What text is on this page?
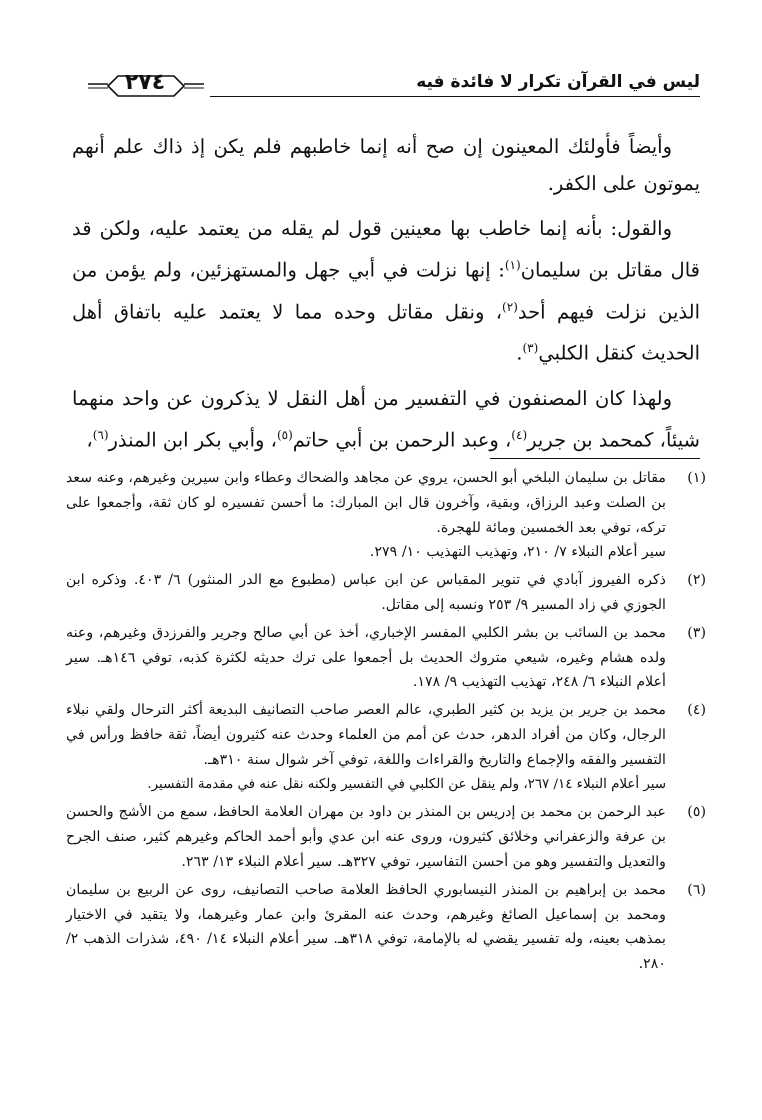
٢٧٤	ليس في القرآن تكرار لا فائدة فيه

وأيضاً فأولئك المعينون إن صح أنه إنما خاطبهم فلم يكن إذ ذاك علم أنهم يموتون على الكفر.

والقول: بأنه إنما خاطب بها معينين قول لم يقله من يعتمد عليه، ولكن قد قال مقاتل بن سليمان$^{(١)}$: إنها نزلت في أبي جهل والمستهزئين، ولم يؤمن من الذين نزلت فيهم أحد$^{(٢)}$، ونقل مقاتل وحده مما لا يعتمد عليه باتفاق أهل الحديث كنقل الكلبي$^{(٣)}$.

ولهذا كان المصنفون في التفسير من أهل النقل لا يذكرون عن واحد منهما شيئاً، كمحمد بن جرير$^{(٤)}$، وعبد الرحمن بن أبي حاتم$^{(٥)}$، وأبي بكر ابن المنذر$^{(٦)}$،

(١)
مقاتل بن سليمان البلخي أبو الحسن، يروي عن مجاهد والضحاك وعطاء وابن سيرين وغيرهم، وعنه سعد بن الصلت وعبد الرزاق، وبقية، وآخرون قال ابن المبارك: ما أحسن تفسيره لو كان ثقة، وأجمعوا على تركه، توفي بعد الخمسين ومائة للهجرة.
سير أعلام النبلاء ٧/ ٢١٠، وتهذيب التهذيب ١٠/ ٢٧٩.
(٢)
ذكره الفيروز آبادي في تنوير المقباس عن ابن عباس (مطبوع مع الدر المنثور) ٦/ ٤٠٣. وذكره ابن الجوزي في زاد المسير ٩/ ٢٥٣ ونسبه إلى مقاتل.
(٣)
محمد بن السائب بن بشر الكلبي المفسر الإخباري، أخذ عن أبي صالح وجرير والفرزدق وغيرهم، وعنه ولده هشام وغيره، شيعي متروك الحديث بل أجمعوا على ترك حديثه لكثرة كذبه، توفي ١٤٦هـ. سير أعلام النبلاء ٦/ ٢٤٨، تهذيب التهذيب ٩/ ١٧٨.
(٤)
محمد بن جرير بن يزيد بن كثير الطبري، عالم العصر صاحب التصانيف البديعة أكثر الترحال ولقي نبلاء الرجال، وكان من أفراد الدهر، حدث عن أمم من العلماء وحدث عنه كثيرون أيضاً، ثقة حافظ ورأس في التفسير والفقه والإجماع والتاريخ والقراءات واللغة، توفي آخر شوال سنة ٣١٠هـ.
سير أعلام النبلاء ١٤/ ٢٦٧، ولم ينقل عن الكلبي في التفسير ولكنه نقل عنه في مقدمة التفسير.
(٥)
عبد الرحمن بن محمد بن إدريس بن المنذر بن داود بن مهران العلامة الحافظ، سمع من الأشج والحسن بن عرفة والزعفراني وخلائق كثيرون، وروى عنه ابن عدي وأبو أحمد الحاكم وغيرهم كثير، صنف الجرح والتعديل والتفسير وهو من أحسن التفاسير، توفي ٣٢٧هـ. سير أعلام النبلاء ١٣/ ٢٦٣.
(٦)
محمد بن إبراهيم بن المنذر النيسابوري الحافظ العلامة صاحب التصانيف، روى عن الربيع بن سليمان ومحمد بن إسماعيل الصائغ وغيرهم، وحدث عنه المقرئ وابن عمار وغيرهما، ولا يتقيد في الاختيار بمذهب بعينه، وله تفسير يقضي له بالإمامة، توفي ٣١٨هـ. سير أعلام النبلاء ١٤/ ٤٩٠، شذرات الذهب ٢/ ٢٨٠.
